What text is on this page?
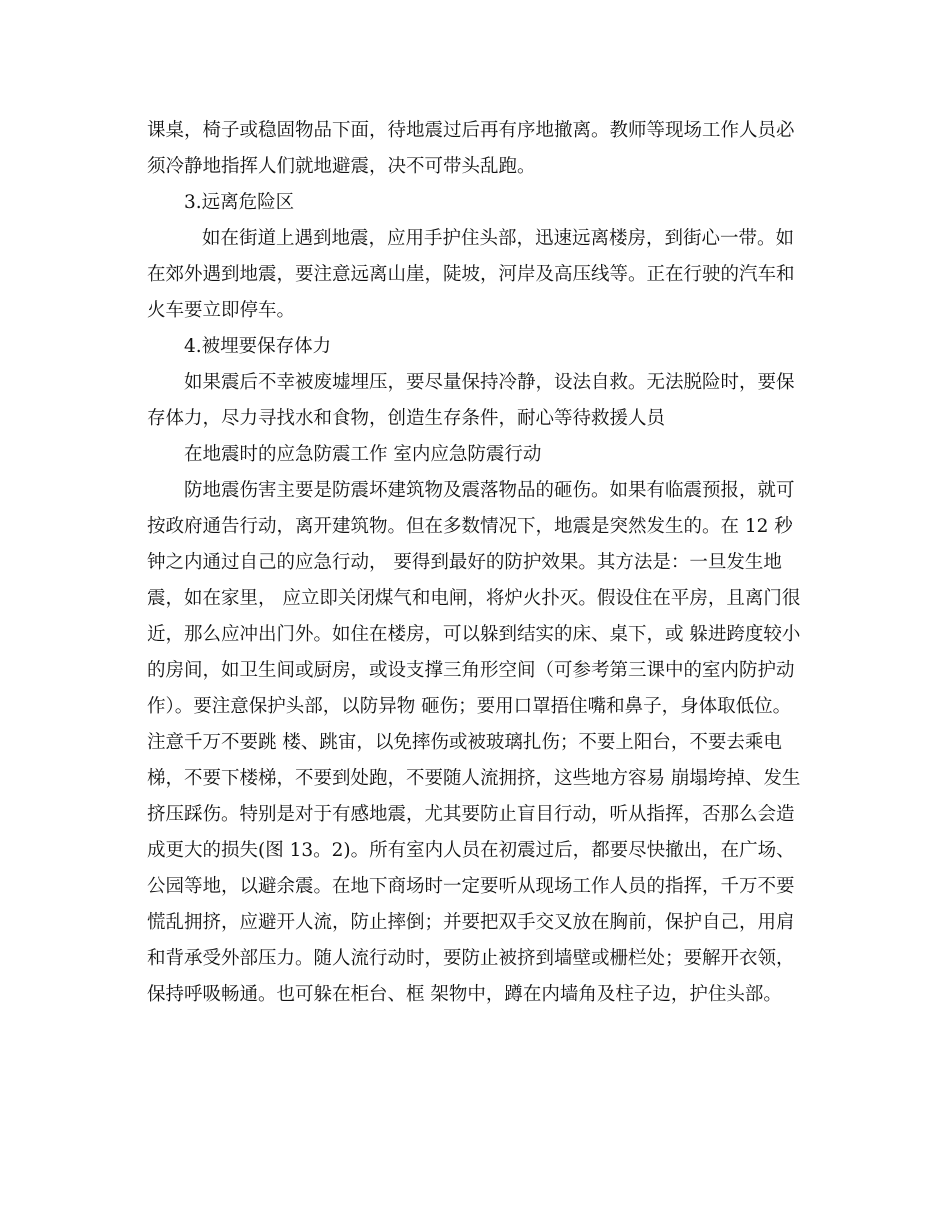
课桌，椅子或稳固物品下面，待地震过后再有序地撤离。教师等现场工作人员必
须冷静地指挥人们就地避震，决不可带头乱跑。
3.远离危险区
如在街道上遇到地震，应用手护住头部，迅速远离楼房，到街心一带。如
在郊外遇到地震，要注意远离山崖，陡坡，河岸及高压线等。正在行驶的汽车和
火车要立即停车。
4.被埋要保存体力
如果震后不幸被废墟埋压，要尽量保持冷静，设法自救。无法脱险时，要保
存体力，尽力寻找水和食物，创造生存条件，耐心等待救援人员
在地震时的应急防震工作 室内应急防震行动
防地震伤害主要是防震坏建筑物及震落物品的砸伤。如果有临震预报，就可
按政府通告行动，离开建筑物。但在多数情况下，地震是突然发生的。在 12 秒
钟之内通过自己的应急行动， 要得到最好的防护效果。其方法是：一旦发生地
震，如在家里， 应立即关闭煤气和电闸，将炉火扑灭。假设住在平房，且离门很
近，那么应冲出门外。如住在楼房，可以躲到结实的床、桌下，或 躲进跨度较小
的房间，如卫生间或厨房，或设支撑三角形空间（可参考第三课中的室内防护动
作）。要注意保护头部，以防异物 砸伤；要用口罩捂住嘴和鼻子，身体取低位。
注意千万不要跳 楼、跳宙，以免摔伤或被玻璃扎伤；不要上阳台，不要去乘电
梯，不要下楼梯，不要到处跑，不要随人流拥挤，这些地方容易 崩塌垮掉、发生
挤压踩伤。特别是对于有感地震，尤其要防止盲目行动，听从指挥，否那么会造
成更大的损失(图 13。2)。所有室内人员在初震过后，都要尽快撤出，在广场、
公园等地，以避余震。在地下商场时一定要听从现场工作人员的指挥，千万不要
慌乱拥挤，应避开人流，防止摔倒；并要把双手交叉放在胸前，保护自己，用肩
和背承受外部压力。随人流行动时，要防止被挤到墙壁或栅栏处；要解开衣领，
保持呼吸畅通。也可躲在柜台、框 架物中，蹲在内墙角及柱子边，护住头部。
